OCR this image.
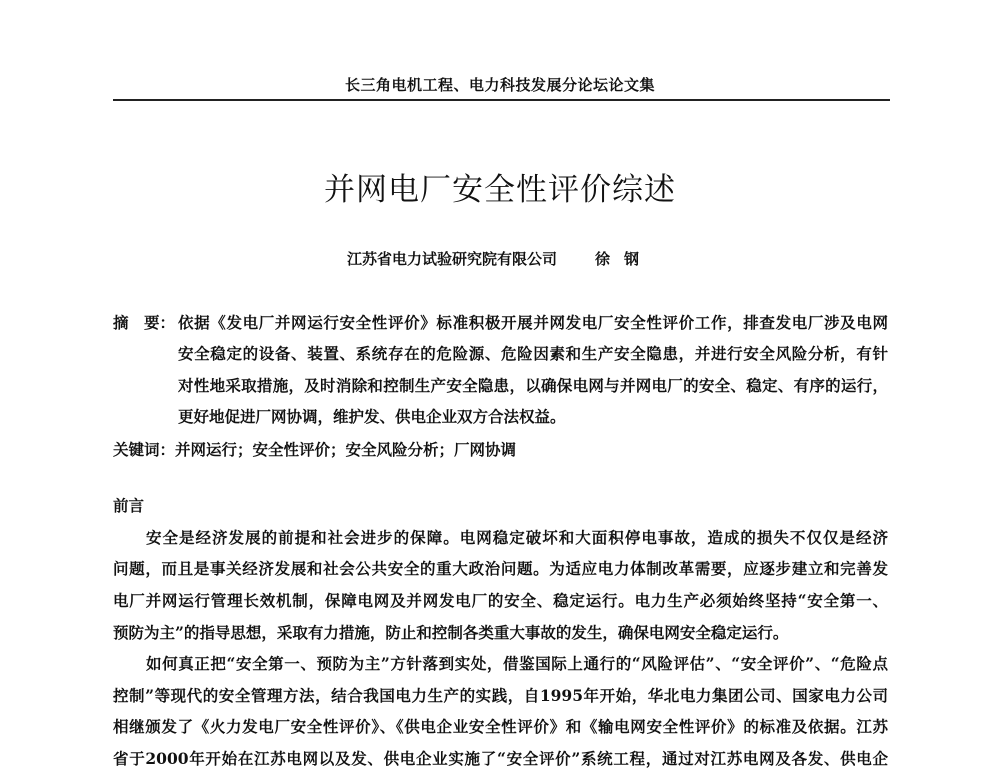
长三角电机工程、电力科技发展分论坛论文集
并网电厂安全性评价综述
江苏省电力试验研究院有限公司	徐钢
摘　要： 依据《发电厂并网运行安全性评价》标准积极开展并网发电厂安全性评价工作，排查发电厂涉及电网
安全稳定的设备、装置、系统存在的危险源、危险因素和生产安全隐患，并进行安全风险分析，有针
对性地采取措施，及时消除和控制生产安全隐患，以确保电网与并网电厂的安全、稳定、有序的运行，
更好地促进厂网协调，维护发、供电企业双方合法权益。
关键词：并网运行；安全性评价；安全风险分析；厂网协调
前言
安全是经济发展的前提和社会进步的保障。电网稳定破坏和大面积停电事故，造成的损失不仅仅是经济
问题，而且是事关经济发展和社会公共安全的重大政治问题。为适应电力体制改革需要，应逐步建立和完善发
电厂并网运行管理长效机制，保障电网及并网发电厂的安全、稳定运行。电力生产必须始终坚持“安全第一、
预防为主”的指导思想，采取有力措施，防止和控制各类重大事故的发生，确保电网安全稳定运行。
如何真正把“安全第一、预防为主”方针落到实处，借鉴国际上通行的“风险评估”、“安全评价”、“危险点
控制”等现代的安全管理方法，结合我国电力生产的实践，自1995年开始，华北电力集团公司、国家电力公司
相继颁发了《火力发电厂安全性评价》、《供电企业安全性评价》和《输电网安全性评价》的标准及依据。江苏
省于2000年开始在江苏电网以及发、供电企业实施了“安全评价”系统工程，通过对江苏电网及各发、供电企
